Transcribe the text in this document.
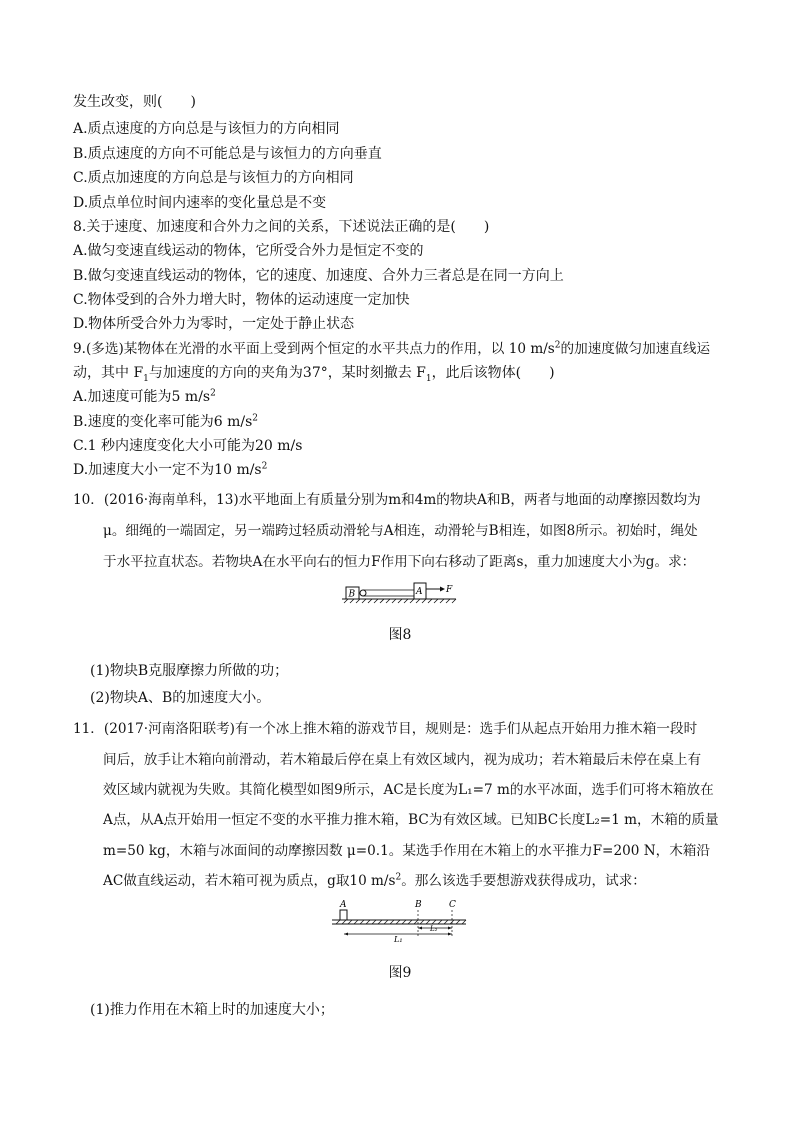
发生改变，则(　　)
A.质点速度的方向总是与该恒力的方向相同
B.质点速度的方向不可能总是与该恒力的方向垂直
C.质点加速度的方向总是与该恒力的方向相同
D.质点单位时间内速率的变化量总是不变
8.关于速度、加速度和合外力之间的关系，下述说法正确的是(　　)
A.做匀变速直线运动的物体，它所受合外力是恒定不变的
B.做匀变速直线运动的物体，它的速度、加速度、合外力三者总是在同一方向上
C.物体受到的合外力增大时，物体的运动速度一定加快
D.物体所受合外力为零时，一定处于静止状态
9.(多选)某物体在光滑的水平面上受到两个恒定的水平共点力的作用，以 10 $m/s^2$的加速度做匀加速直线运
动，其中 $F_1$与加速度的方向的夹角为37°，某时刻撤去 $F_1$，此后该物体(　　)
A.加速度可能为5 $m/s^2$
B.速度的变化率可能为6 $m/s^2$
C.1 秒内速度变化大小可能为20 m/s
D.加速度大小一定不为10 $m/s^2$
10．(2016·海南单科，13)水平地面上有质量分别为m和4m的物块A和B，两者与地面的动摩擦因数均为
μ。细绳的一端固定，另一端跨过轻质动滑轮与A相连，动滑轮与B相连，如图8所示。初始时，绳处
于水平拉直状态。若物块A在水平向右的恒力F作用下向右移动了距离s，重力加速度大小为g。求：
B	A	F
图8
(1)物块B克服摩擦力所做的功；
(2)物块A、B的加速度大小。
11．(2017·河南洛阳联考)有一个冰上推木箱的游戏节目，规则是：选手们从起点开始用力推木箱一段时
间后，放手让木箱向前滑动，若木箱最后停在桌上有效区域内，视为成功；若木箱最后未停在桌上有
效区域内就视为失败。其简化模型如图9所示，AC是长度为L₁=7 m的水平冰面，选手们可将木箱放在
A点，从A点开始用一恒定不变的水平推力推木箱，BC为有效区域。已知BC长度L₂=1 m，木箱的质量
m=50 kg，木箱与冰面间的动摩擦因数 μ=0.1。某选手作用在木箱上的水平推力F=200 N，木箱沿
AC做直线运动，若木箱可视为质点，g取10 $m/s^2$。那么该选手要想游戏获得成功，试求：
A	B	C
L₁
L₂
图9
(1)推力作用在木箱上时的加速度大小；
